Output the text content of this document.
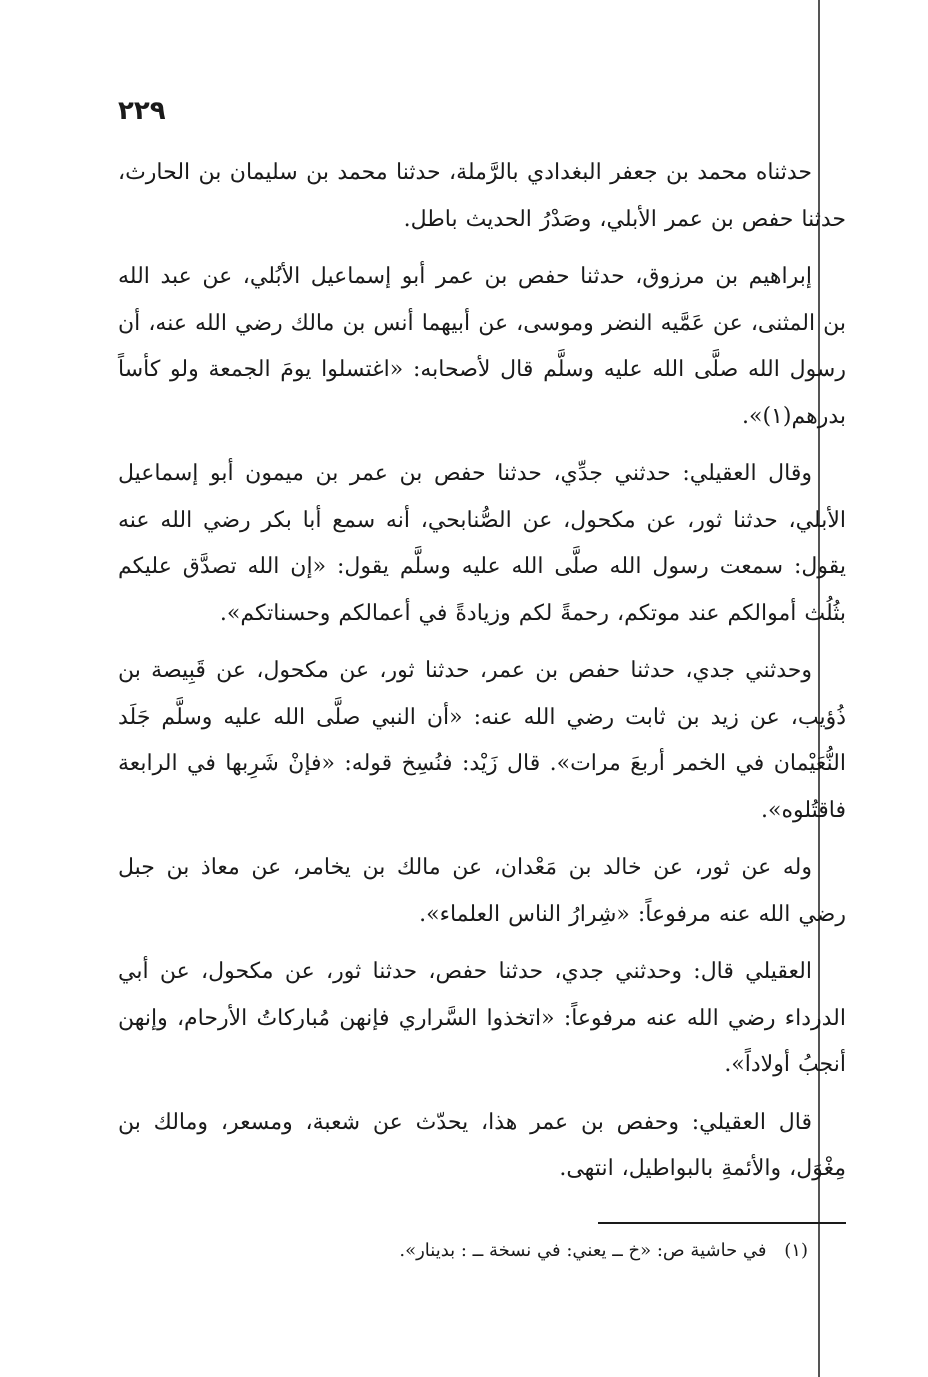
٢٢٩

حدثناه محمد بن جعفر البغدادي بالرَّملة، حدثنا محمد بن سليمان بن الحارث، حدثنا حفص بن عمر الأبلي، وصَدْرُ الحديث باطل.

إبراهيم بن مرزوق، حدثنا حفص بن عمر أبو إسماعيل الأبُلي، عن عبد الله بن المثنى، عن عَمَّيه النضر وموسى، عن أبيهما أنس بن مالك رضي الله عنه، أن رسول الله صلَّى الله عليه وسلَّم قال لأصحابه: «اغتسلوا يومَ الجمعة ولو كأساً بدرهم(١)».

وقال العقيلي: حدثني جدِّي، حدثنا حفص بن عمر بن ميمون أبو إسماعيل الأبلي، حدثنا ثور، عن مكحول، عن الصُّنابحي، أنه سمع أبا بكر رضي الله عنه يقول: سمعت رسول الله صلَّى الله عليه وسلَّم يقول: «إن الله تصدَّق عليكم بثُلُث أموالكم عند موتكم، رحمةً لكم وزيادةً في أعمالكم وحسناتكم».

وحدثني جدي، حدثنا حفص بن عمر، حدثنا ثور، عن مكحول، عن قَبِيصة بن ذُؤيب، عن زيد بن ثابت رضي الله عنه: «أن النبي صلَّى الله عليه وسلَّم جَلَد النُّعَيْمان في الخمر أربعَ مرات». قال زَيْد: فنُسِخ قوله: «فإنْ شَرِبها في الرابعة فاقتُلوه».

وله عن ثور، عن خالد بن مَعْدان، عن مالك بن يخامر، عن معاذ بن جبل رضي الله عنه مرفوعاً: «شِرارُ الناس العلماء».

العقيلي قال: وحدثني جدي، حدثنا حفص، حدثنا ثور، عن مكحول، عن أبي الدرداء رضي الله عنه مرفوعاً: «اتخذوا السَّراري فإنهن مُباركاتُ الأرحام، وإنهن أنجبُ أولاداً».

قال العقيلي: وحفص بن عمر هذا، يحدّث عن شعبة، ومسعر، ومالك بن مِغْوَل، والأئمةِ بالبواطيل، انتهى.

(١) في حاشية ص: «خ ــ يعني: في نسخة ــ : بدينار».
